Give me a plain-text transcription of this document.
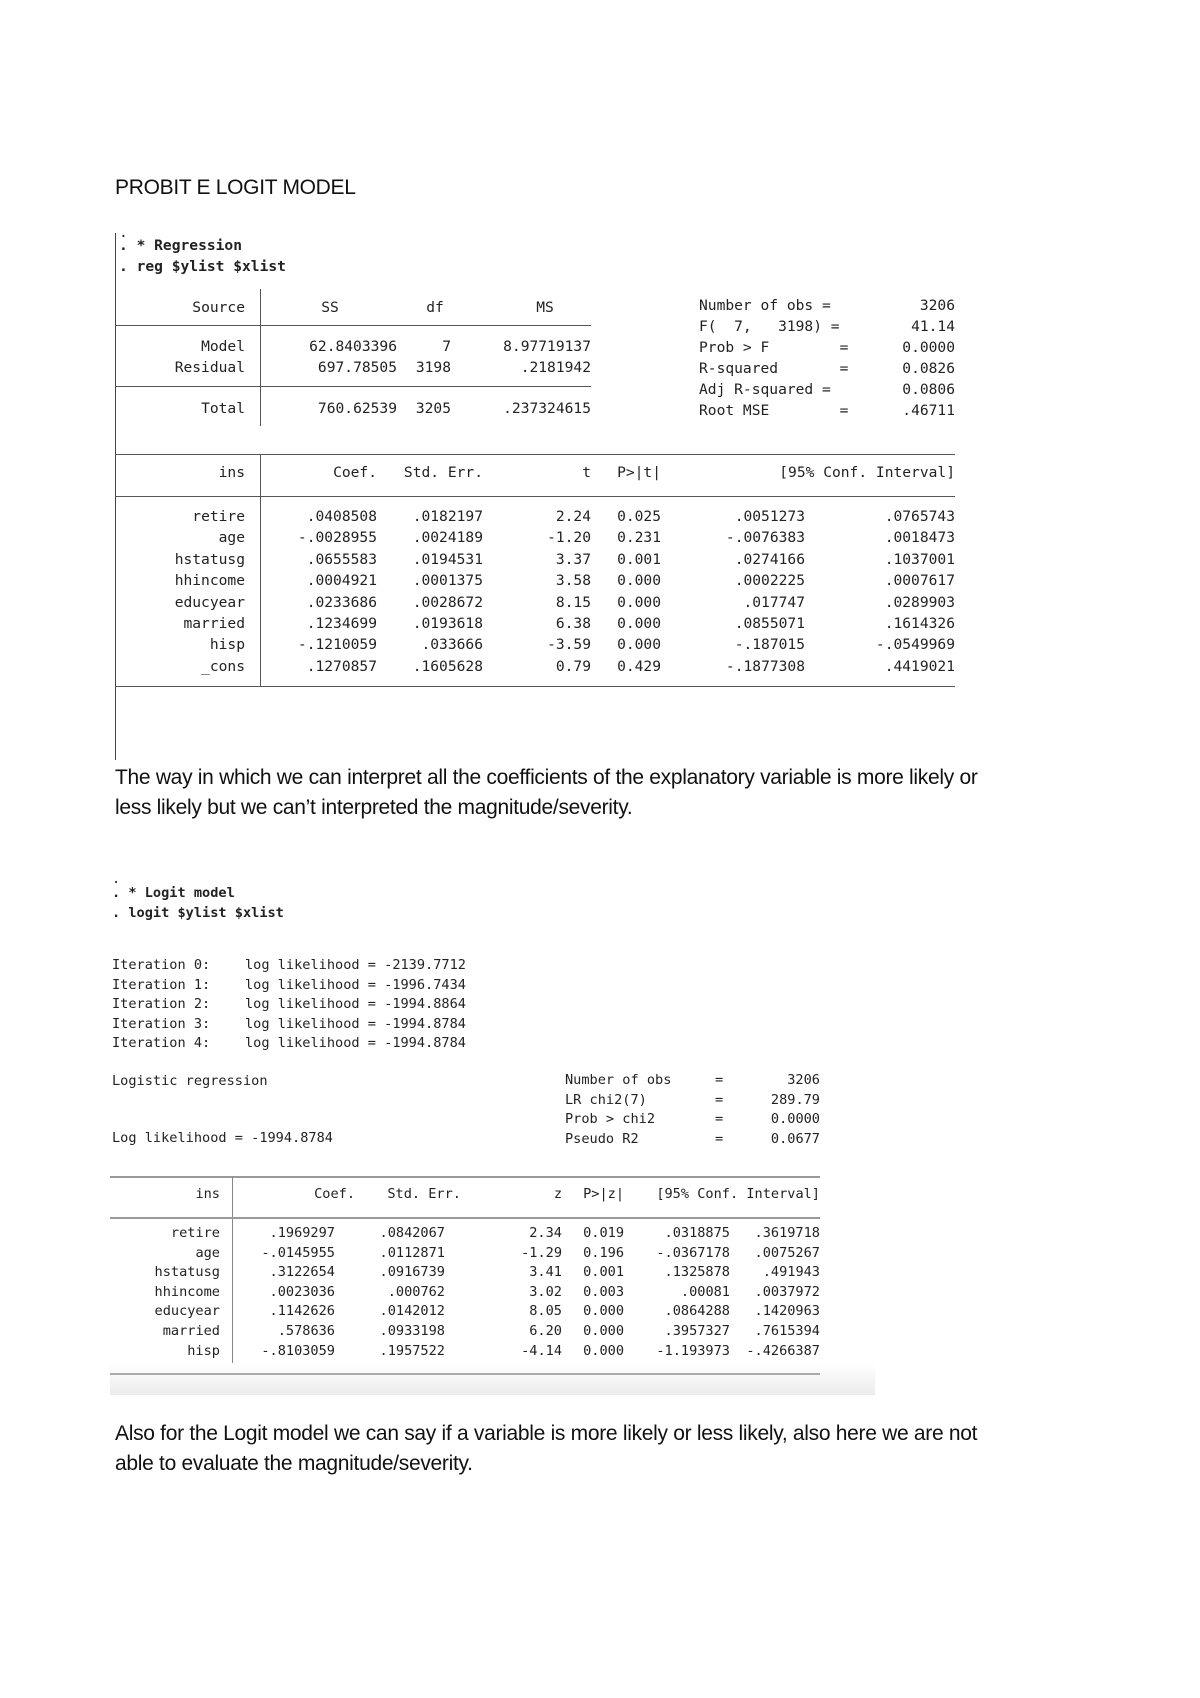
PROBIT E LOGIT MODEL
.
. * Regression
. reg $ylist $xlist
Source	SS	df	MS
Model	62.8403396	7	8.97719137
Residual	697.78505	3198	.2181942
Total	760.62539	3205	.237324615
Number of obs =	3206
F(  7,   3198) =	41.14
Prob > F        =	0.0000
R-squared       =	0.0826
Adj R-squared =	0.0806
Root MSE        =	.46711
ins	Coef.	Std. Err.	t	P>|t|	[95% Conf. Interval]
retire	.0408508	.0182197	2.24	0.025	.0051273	.0765743
age	-.0028955	.0024189	-1.20	0.231	-.0076383	.0018473
hstatusg	.0655583	.0194531	3.37	0.001	.0274166	.1037001
hhincome	.0004921	.0001375	3.58	0.000	.0002225	.0007617
educyear	.0233686	.0028672	8.15	0.000	.017747	.0289903
married	.1234699	.0193618	6.38	0.000	.0855071	.1614326
hisp	-.1210059	.033666	-3.59	0.000	-.187015	-.0549969
_cons	.1270857	.1605628	0.79	0.429	-.1877308	.4419021

The way in which we can interpret all the coefficients of the explanatory variable is more likely or

less likely but we can’t interpreted the magnitude/severity.

.
. * Logit model
. logit $ylist $xlist
Iteration 0:	log likelihood = -2139.7712
Iteration 1:	log likelihood = -1996.7434
Iteration 2:	log likelihood = -1994.8864
Iteration 3:	log likelihood = -1994.8784
Iteration 4:	log likelihood = -1994.8784
Logistic regression
Log likelihood = -1994.8784
Number of obs	=	3206
LR chi2(7)	=	289.79
Prob > chi2	=	0.0000
Pseudo R2	=	0.0677
ins	Coef.	Std. Err.	z	P>|z|	[95% Conf. Interval]
retire	.1969297	.0842067	2.34	0.019	.0318875	.3619718
age	-.0145955	.0112871	-1.29	0.196	-.0367178	.0075267
hstatusg	.3122654	.0916739	3.41	0.001	.1325878	.491943
hhincome	.0023036	.000762	3.02	0.003	.00081	.0037972
educyear	.1142626	.0142012	8.05	0.000	.0864288	.1420963
married	.578636	.0933198	6.20	0.000	.3957327	.7615394
hisp	-.8103059	.1957522	-4.14	0.000	-1.193973	-.4266387

Also for the Logit model we can say if a variable is more likely or less likely, also here we are not

able to evaluate the magnitude/severity.
